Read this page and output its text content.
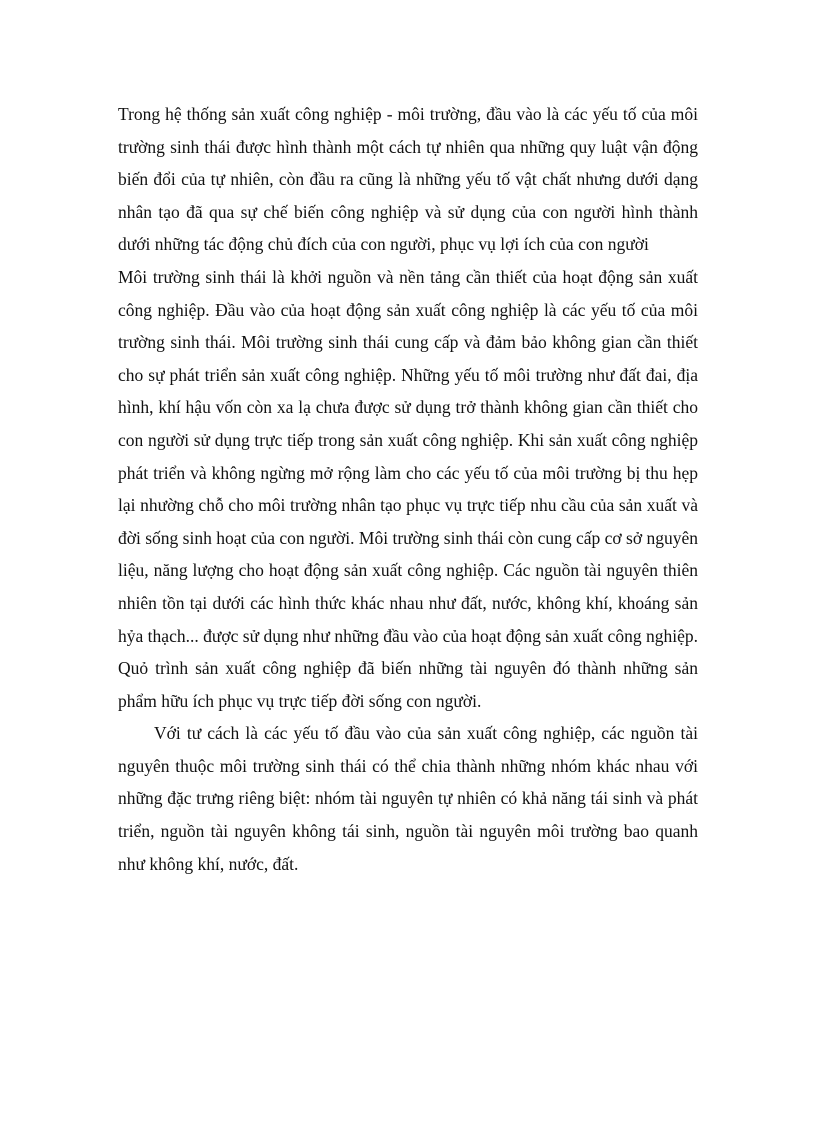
Trong hệ thống sản xuất công nghiệp - môi trường, đầu vào là các yếu tố của môi trường sinh thái được hình thành một cách tự nhiên qua những quy luật vận động biến đổi của tự nhiên, còn đầu ra cũng là những yếu tố vật chất nhưng dưới dạng nhân tạo đã qua sự chế biến công nghiệp và sử dụng của con người hình thành dưới những tác động chủ đích của con người, phục vụ lợi ích của con người

Môi trường sinh thái là khởi nguồn và nền tảng cần thiết của hoạt động sản xuất công nghiệp. Đầu vào của hoạt động sản xuất công nghiệp là các yếu tố của môi trường sinh thái. Môi trường sinh thái cung cấp và đảm bảo không gian cần thiết cho sự phát triển sản xuất công nghiệp. Những yếu tố môi trường như đất đai, địa hình, khí hậu vốn còn xa lạ chưa được sử dụng trở thành không gian cần thiết cho con người sử dụng trực tiếp trong sản xuất công nghiệp. Khi sản xuất công nghiệp phát triển và không ngừng mở rộng làm cho các yếu tố của môi trường bị thu hẹp lại nhường chỗ cho môi trường nhân tạo phục vụ trực tiếp nhu cầu của sản xuất và đời sống sinh hoạt của con người. Môi trường sinh thái còn cung cấp cơ sở nguyên liệu, năng lượng cho hoạt động sản xuất công nghiệp. Các nguồn tài nguyên thiên nhiên tồn tại dưới các hình thức khác nhau như đất, nước, không khí, khoáng sản hỷa thạch... được sử dụng như những đầu vào của hoạt động sản xuất công nghiệp. Quỏ trình sản xuất công nghiệp đã biến những tài nguyên đó thành những sản phẩm hữu ích phục vụ trực tiếp đời sống con người.

Với tư cách là các yếu tố đầu vào của sản xuất công nghiệp, các nguồn tài nguyên thuộc môi trường sinh thái có thể chia thành những nhóm khác nhau với những đặc trưng riêng biệt: nhóm tài nguyên tự nhiên có khả năng tái sinh và phát triển, nguồn tài nguyên không tái sinh, nguồn tài nguyên môi trường bao quanh như không khí, nước, đất.
